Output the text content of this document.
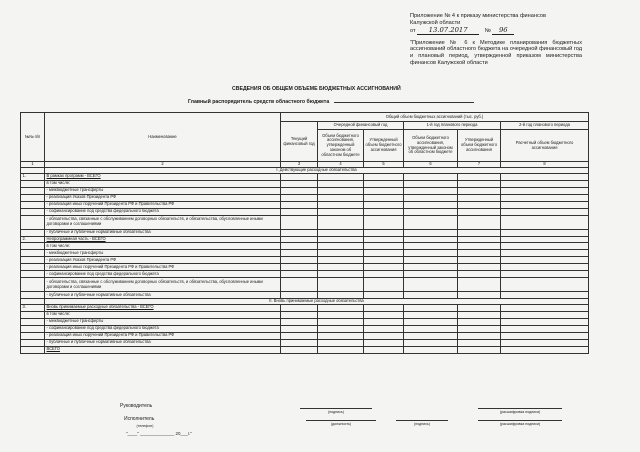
Приложение № 4 к приказу министерства финансов
Калужской области
от 13.07.2017	№ 96
"Приложение № 6 к Методике планирования бюджетных ассигнований областного бюджета на очередной финансовый год и плановый период, утвержденной приказом министерства финансов Калужской области
СВЕДЕНИЯ ОБ ОБЩЕМ ОБЪЕМЕ БЮДЖЕТНЫХ АССИГНОВАНИЙ
Главный распорядитель средств областного бюджета
№№ п/п	Наименование	Общий объем бюджетных ассигнований (тыс. руб.)					
		Текущий финансовый год	Очередной финансовый год		1-й год планового периода		2-й год планового периода
			Объем бюджетного ассигнования, утвержденный законом об областном бюджете	Утвержденный объем бюджетного ассигнования	Объем бюджетного ассигнования, утвержденный законом об областном бюджете	Утвержденный объем бюджетного ассигнования	Расчетный объем бюджетного ассигнования
1	2	3	4	5	6	7	8
	I. Действующие расходные обязательства						
1.	В рамках программ - ВСЕГО						
	в том числе:						
	- межбюджетные трансферты						
	- реализация Указов Президента РФ						
	- реализация иных поручений Президента РФ и Правительства РФ						
	- софинансирование под средства федерального бюджета						
	- обязательства, связанные с обслуживанием договорных обязательств, и обязательства, обусловленные иными договорами и соглашениями						
	- публичные и публичные нормативные обязательства						
2.	Непрограммная часть - ВСЕГО						
	в том числе:						
	- межбюджетные трансферты						
	- реализация Указов Президента РФ						
	- реализация иных поручений Президента РФ и Правительства РФ						
	- софинансирование под средства федерального бюджета						
	- обязательства, связанные с обслуживанием договорных обязательств, и обязательства, обусловленные иными договорами и соглашениями						
	- публичные и публичные нормативные обязательства						
	II. Вновь принимаемые расходные обязательства						
3.	Вновь принимаемые расходные обязательства - ВСЕГО						
	в том числе:						
	- межбюджетные трансферты						
	- софинансирование под средства федерального бюджета						
	- реализация иных поручений Президента РФ и Правительства РФ						
	- публичные и публичные нормативные обязательства						
	ВСЕГО						
Руководитель
(подпись)	(расшифровка подписи)
Исполнитель
(телефон)	(должность)	(подпись)	(расшифровка подписи)
"____" ______________ 20___г."
